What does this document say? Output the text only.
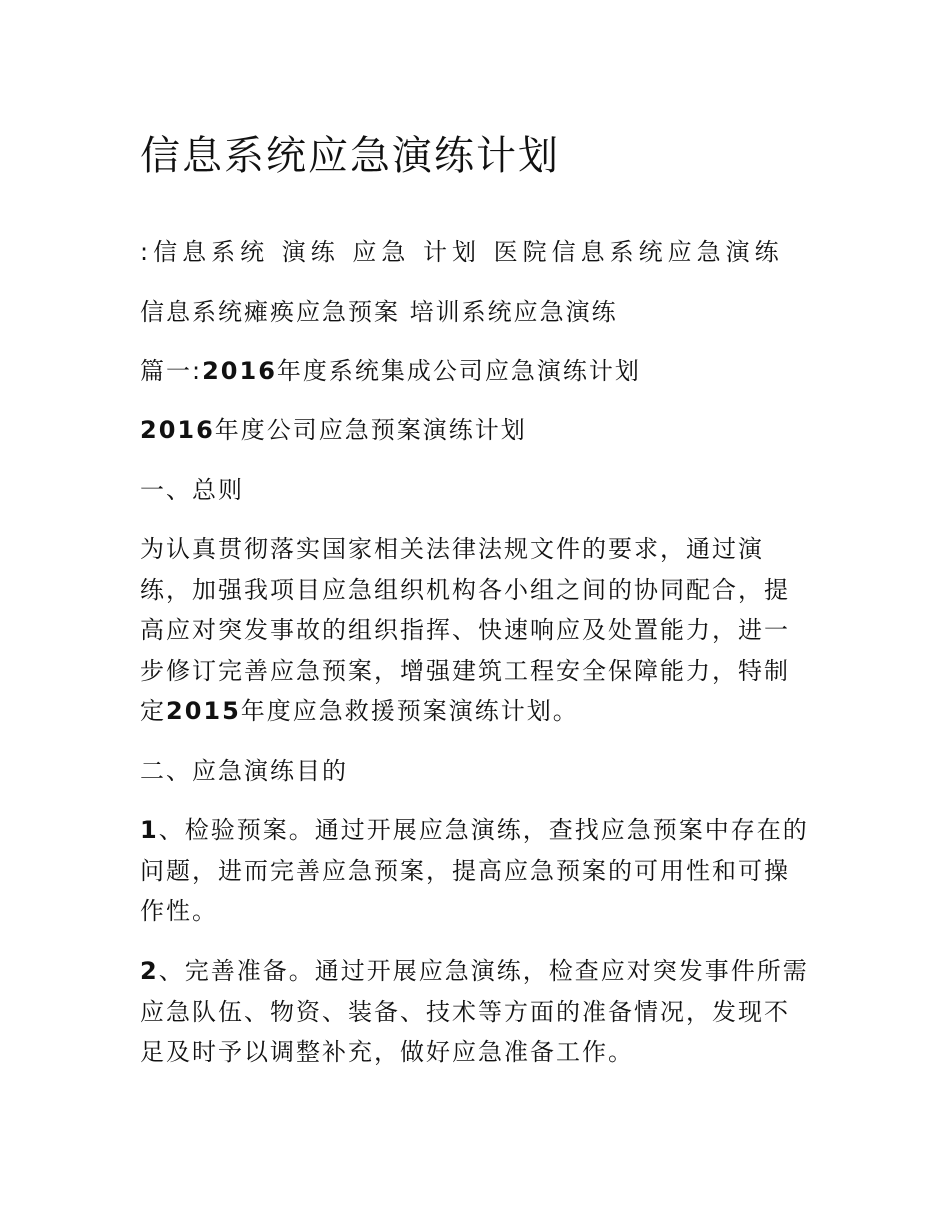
信息系统应急演练计划

:信息系统 演练 应急 计划 医院信息系统应急演练

信息系统瘫痪应急预案 培训系统应急演练

篇一:2016年度系统集成公司应急演练计划

2016年度公司应急预案演练计划

一、总则

为认真贯彻落实国家相关法律法规文件的要求，通过演练，加强我项目应急组织机构各小组之间的协同配合，提高应对突发事故的组织指挥、快速响应及处置能力，进一步修订完善应急预案，增强建筑工程安全保障能力，特制定2015年度应急救援预案演练计划。

二、应急演练目的

1、检验预案。通过开展应急演练，查找应急预案中存在的问题，进而完善应急预案，提高应急预案的可用性和可操作性。

2、完善准备。通过开展应急演练，检查应对突发事件所需应急队伍、物资、装备、技术等方面的准备情况，发现不足及时予以调整补充，做好应急准备工作。
